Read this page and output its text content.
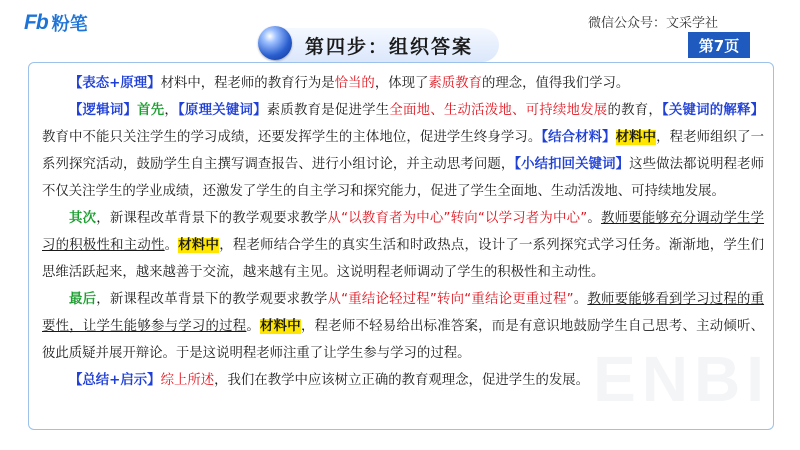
Fb 粉笔	微信公众号：文采学社
第四步：组织答案	第7页
ENBI

【表态+原理】材料中，程老师的教育行为是恰当的，体现了素质教育的理念，值得我们学习。

【逻辑词】首先，【原理关键词】素质教育是促进学生全面地、生动活泼地、可持续地发展的教育，【关键词的解释】教育中不能只关注学生的学习成绩，还要发挥学生的主体地位，促进学生终身学习。【结合材料】材料中，程老师组织了一系列探究活动，鼓励学生自主撰写调查报告、进行小组讨论，并主动思考问题，【小结扣回关键词】这些做法都说明程老师不仅关注学生的学业成绩，还激发了学生的自主学习和探究能力，促进了学生全面地、生动活泼地、可持续地发展。

其次，新课程改革背景下的教学观要求教学从“以教育者为中心”转向“以学习者为中心”。教师要能够充分调动学生学习的积极性和主动性。材料中，程老师结合学生的真实生活和时政热点，设计了一系列探究式学习任务。渐渐地，学生们思维活跃起来，越来越善于交流，越来越有主见。这说明程老师调动了学生的积极性和主动性。

最后，新课程改革背景下的教学观要求教学从“重结论轻过程”转向“重结论更重过程”。教师要能够看到学习过程的重要性，让学生能够参与学习的过程。材料中，程老师不轻易给出标准答案，而是有意识地鼓励学生自己思考、主动倾听、彼此质疑并展开辩论。于是这说明程老师注重了让学生参与学习的过程。

【总结+启示】综上所述，我们在教学中应该树立正确的教育观理念，促进学生的发展。
